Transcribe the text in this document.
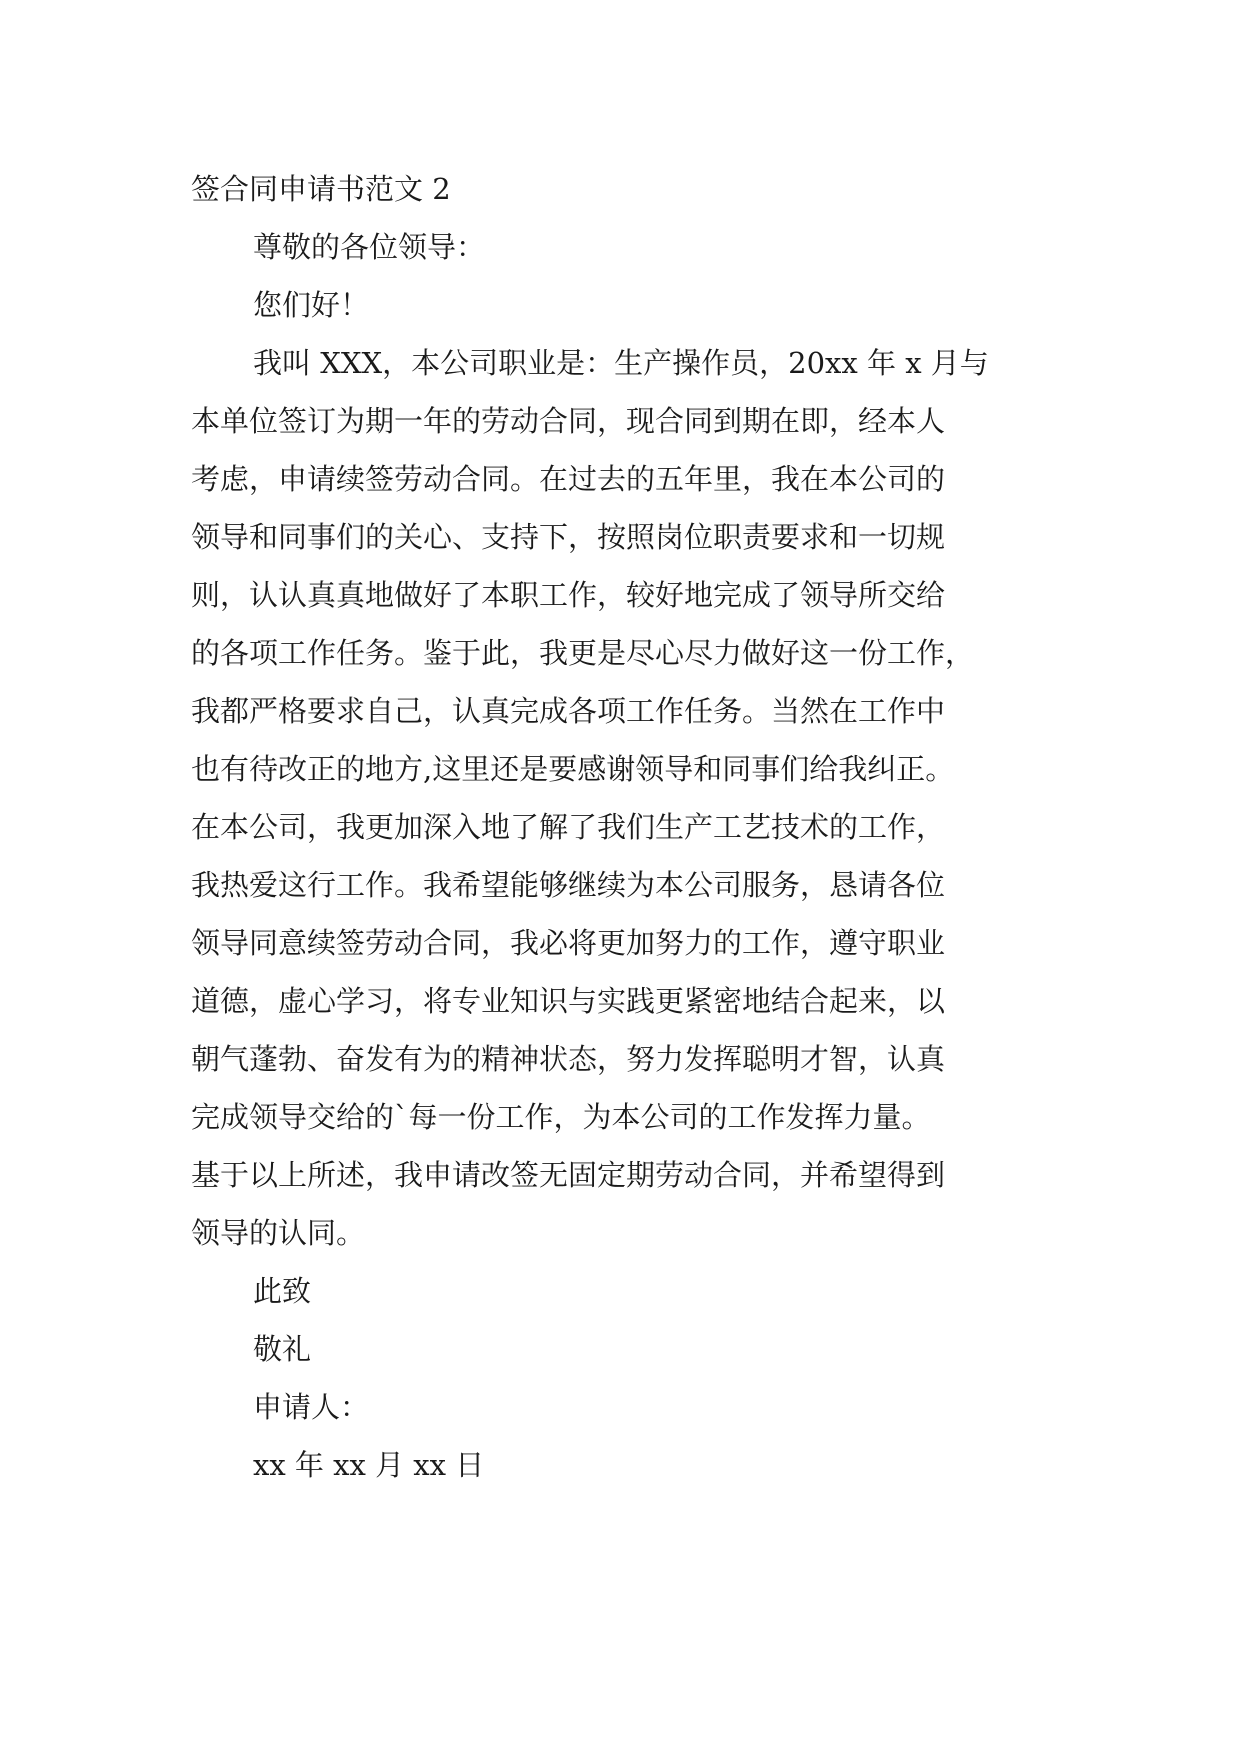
签合同申请书范文 2
尊敬的各位领导：
您们好！
我叫 XXX，本公司职业是：生产操作员，20xx 年 x 月与
本单位签订为期一年的劳动合同，现合同到期在即，经本人
考虑，申请续签劳动合同。在过去的五年里，我在本公司的
领导和同事们的关心、支持下，按照岗位职责要求和一切规
则，认认真真地做好了本职工作，较好地完成了领导所交给
的各项工作任务。鉴于此，我更是尽心尽力做好这一份工作，
我都严格要求自己，认真完成各项工作任务。当然在工作中
也有待改正的地方,这里还是要感谢领导和同事们给我纠正。
在本公司，我更加深入地了解了我们生产工艺技术的工作，
我热爱这行工作。我希望能够继续为本公司服务，恳请各位
领导同意续签劳动合同，我必将更加努力的工作，遵守职业
道德，虚心学习，将专业知识与实践更紧密地结合起来，以
朝气蓬勃、奋发有为的精神状态，努力发挥聪明才智，认真
完成领导交给的`每一份工作，为本公司的工作发挥力量。
基于以上所述，我申请改签无固定期劳动合同，并希望得到
领导的认同。
此致
敬礼
申请人：
xx 年 xx 月 xx 日
